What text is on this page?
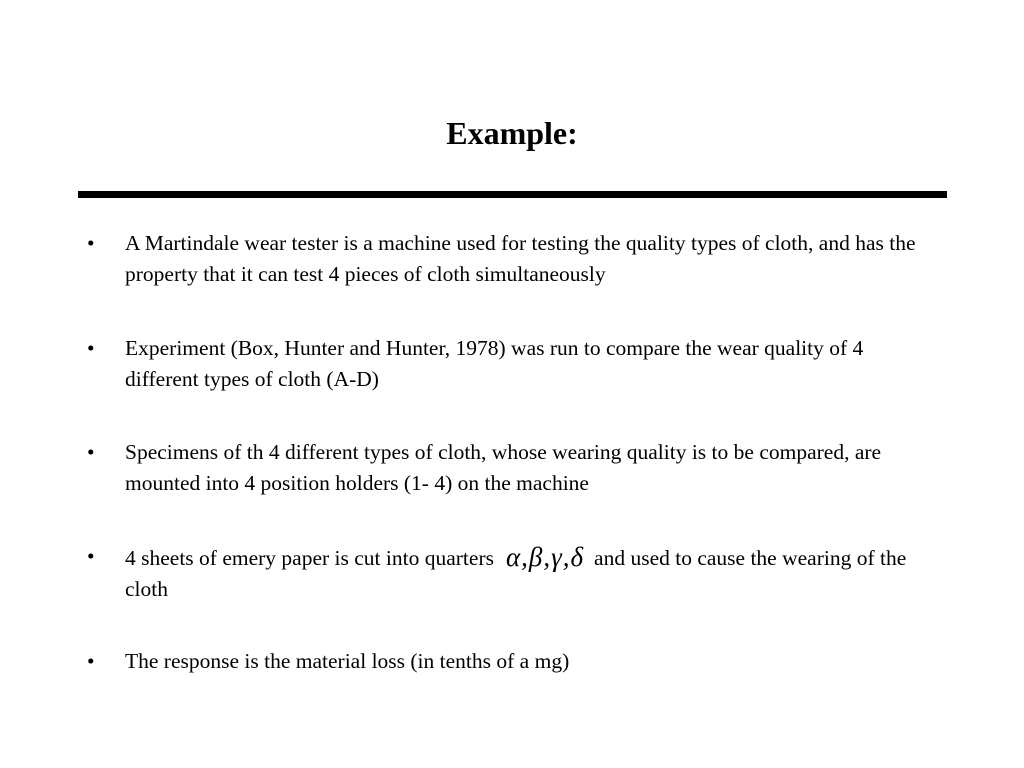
Example:
•	A Martindale wear tester is a machine used for testing the quality types of cloth, and has the property that it can test 4 pieces of cloth simultaneously
•	Experiment (Box, Hunter and Hunter, 1978) was run to compare the wear quality of 4 different types of cloth (A-D)
•	Specimens of th 4 different types of cloth, whose wearing quality is to be compared, are mounted into 4 position holders (1- 4) on the machine
•	4 sheets of emery paper is cut into quarters α,β,γ,δ and used to cause the wearing of the cloth
•	The response is the material loss (in tenths of a mg)
